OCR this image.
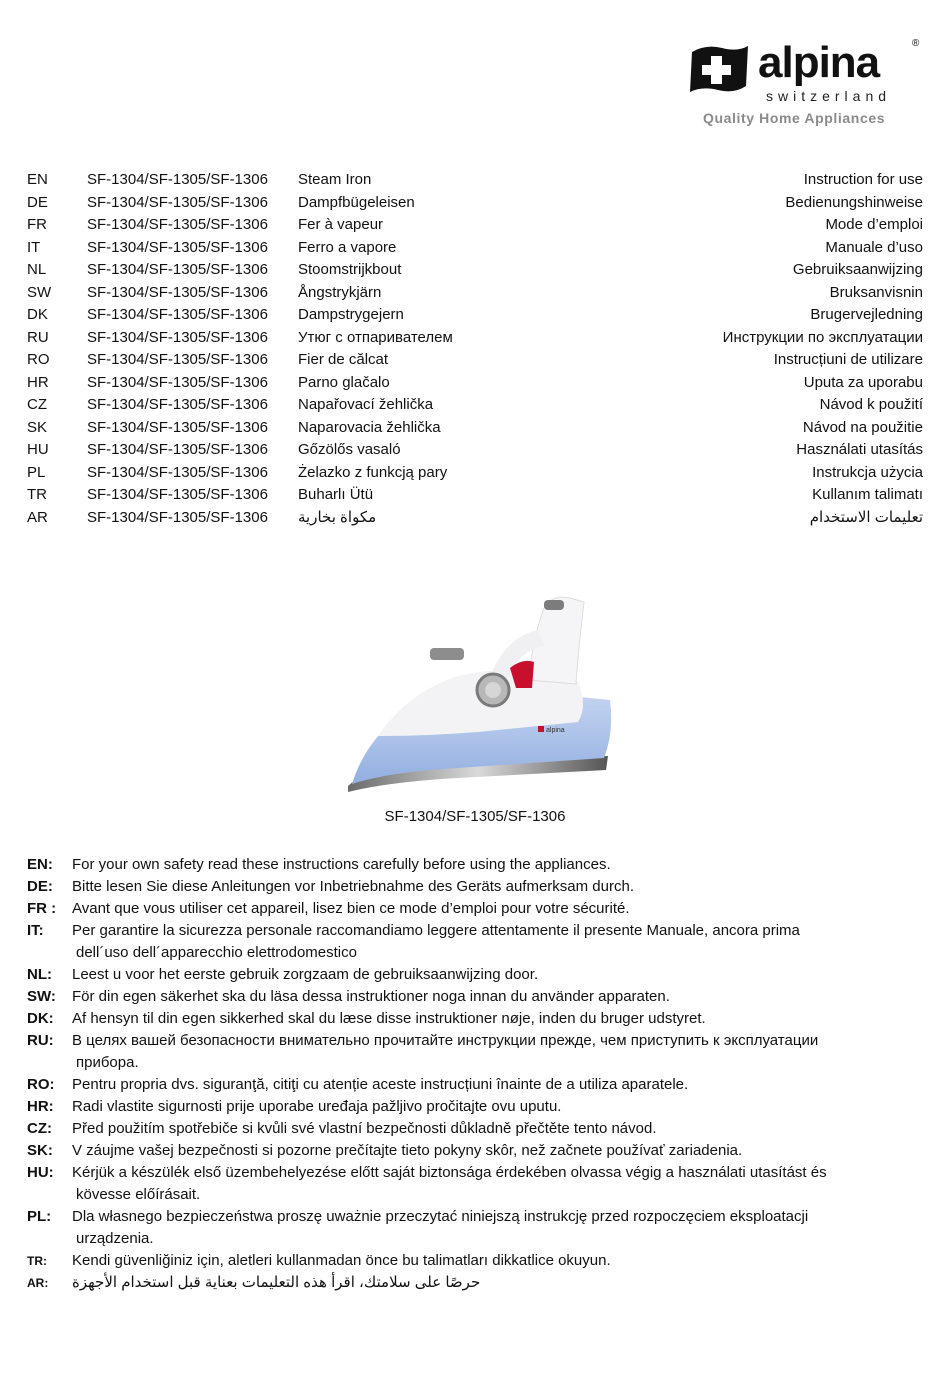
alpina	®
switzerland
Quality Home Appliances
EN	SF-1304/SF-1305/SF-1306 Steam Iron	Instruction for use
DE	SF-1304/SF-1305/SF-1306 Dampfbügeleisen	Bedienungshinweise
FR	SF-1304/SF-1305/SF-1306 Fer à vapeur	Mode d’emploi
IT	SF-1304/SF-1305/SF-1306 Ferro a vapore	Manuale d’uso
NL	SF-1304/SF-1305/SF-1306 Stoomstrijkbout	Gebruiksaanwijzing
SW SF-1304/SF-1305/SF-1306 Ångstrykjärn	Bruksanvisnin
DK	SF-1304/SF-1305/SF-1306 Dampstrygejern	Brugervejledning
RU	SF-1304/SF-1305/SF-1306 Утюг с отпаривателем	Инструкции по эксплуатации
RO	SF-1304/SF-1305/SF-1306 Fier de călcat	Instrucțiuni de utilizare
HR	SF-1304/SF-1305/SF-1306 Parno glačalo	Uputa za uporabu
CZ	SF-1304/SF-1305/SF-1306 Napařovací žehlička	Návod k použití
SK	SF-1304/SF-1305/SF-1306 Naparovacia žehlička	Návod na použitie
HU	SF-1304/SF-1305/SF-1306 Gőzölős vasaló	Használati utasítás
PL	SF-1304/SF-1305/SF-1306 Żelazko z funkcją pary	Instrukcja użycia
TR	SF-1304/SF-1305/SF-1306 Buharlı Ütü	Kullanım talimatı
AR	SF-1304/SF-1305/SF-1306 مكواة بخارية	تعليمات الاستخدام
alpina
SF-1304/SF-1305/SF-1306
EN:	For your own safety read these instructions carefully before using the appliances.
DE:	Bitte lesen Sie diese Anleitungen vor Inbetriebnahme des Geräts aufmerksam durch.
FR :	Avant que vous utiliser cet appareil, lisez bien ce mode d’emploi pour votre sécurité.
IT:	Per garantire la sicurezza personale raccomandiamo leggere attentamente il presente Manuale, ancora prima
dell´uso dell´apparecchio elettrodomestico
NL:	Leest u voor het eerste gebruik zorgzaam de gebruiksaanwijzing door.
SW:	För din egen säkerhet ska du läsa dessa instruktioner noga innan du använder apparaten.
DK:	Af hensyn til din egen sikkerhed skal du læse disse instruktioner nøje, inden du bruger udstyret.
RU:	В целях вашей безопасности внимательно прочитайте инструкции прежде, чем приступить к эксплуатации
прибора.
RO:	Pentru propria dvs. siguranţă, citiţi cu atenție aceste instrucțiuni înainte de a utiliza aparatele.
HR:	Radi vlastite sigurnosti prije uporabe uređaja pažljivo pročitajte ovu uputu.
CZ:	Před použitím spotřebiče si kvůli své vlastní bezpečnosti důkladně přečtěte tento návod.
SK:	V záujme vašej bezpečnosti si pozorne prečítajte tieto pokyny skôr, než začnete používať zariadenia.
HU:	Kérjük a készülék első üzembehelyezése előtt saját biztonsága érdekében olvassa végig a használati utasítást és
kövesse előírásait.
PL:	Dla własnego bezpieczeństwa proszę uważnie przeczytać niniejszą instrukcję przed rozpoczęciem eksploatacji
urządzenia.
TR:	Kendi güvenliğiniz için, aletleri kullanmadan önce bu talimatları dikkatlice okuyun.
AR:	حرصًا على سلامتك، اقرأ هذه التعليمات بعناية قبل استخدام الأجهزة
